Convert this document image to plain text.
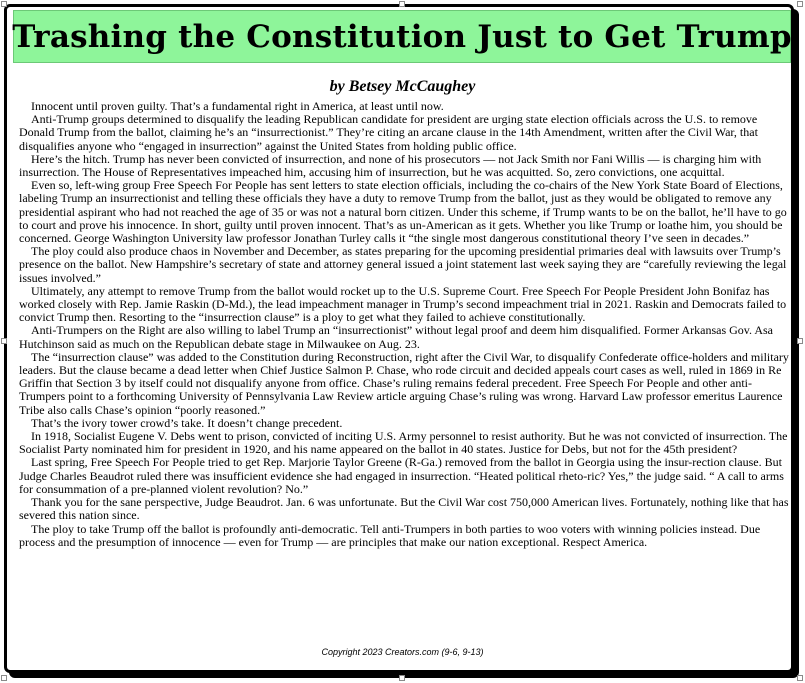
Trashing the Constitution Just to Get Trump
by Betsey McCaughey

Innocent until proven guilty. That’s a fundamental right in America, at least until now.

Anti-Trump groups determined to disqualify the leading Republican candidate for president are urging state election officials across the U.S. to remove Donald Trump from the ballot, claiming he’s an “insurrectionist.” They’re citing an arcane clause in the 14th Amendment, written after the Civil War, that disqualifies anyone who “engaged in insurrection” against the United States from holding public office.

Here’s the hitch. Trump has never been convicted of insurrection, and none of his prosecutors — not Jack Smith nor Fani Willis — is charging him with insurrection. The House of Representatives impeached him, accusing him of insurrection, but he was acquitted. So, zero convictions, one acquittal.

Even so, left-wing group Free Speech For People has sent letters to state election officials, including the co-chairs of the New York State Board of Elections, labeling Trump an insurrectionist and telling these officials they have a duty to remove Trump from the ballot, just as they would be obligated to remove any presidential aspirant who had not reached the age of 35 or was not a natural born citizen. Under this scheme, if Trump wants to be on the ballot, he’ll have to go to court and prove his innocence. In short, guilty until proven innocent. That’s as un-American as it gets. Whether you like Trump or loathe him, you should be concerned. George Washington University law professor Jonathan Turley calls it “the single most dangerous constitutional theory I’ve seen in decades.”

The ploy could also produce chaos in November and December, as states preparing for the upcoming presidential primaries deal with lawsuits over Trump’s presence on the ballot. New Hampshire’s secretary of state and attorney general issued a joint statement last week saying they are “carefully reviewing the legal issues involved.”

Ultimately, any attempt to remove Trump from the ballot would rocket up to the U.S. Supreme Court. Free Speech For People President John Bonifaz has worked closely with Rep. Jamie Raskin (D-Md.), the lead impeachment manager in Trump’s second impeachment trial in 2021. Raskin and Democrats failed to convict Trump then. Resorting to the “insurrection clause” is a ploy to get what they failed to achieve constitutionally.

Anti-Trumpers on the Right are also willing to label Trump an “insurrectionist” without legal proof and deem him disqualified. Former Arkansas Gov. Asa Hutchinson said as much on the Republican debate stage in Milwaukee on Aug. 23.

The “insurrection clause” was added to the Constitution during Reconstruction, right after the Civil War, to disqualify Confederate office-holders and military leaders. But the clause became a dead letter when Chief Justice Salmon P. Chase, who rode circuit and decided appeals court cases as well, ruled in 1869 in Re Griffin that Section 3 by itself could not disqualify anyone from office. Chase’s ruling remains federal precedent. Free Speech For People and other anti-Trumpers point to a forthcoming University of Pennsylvania Law Review article arguing Chase’s ruling was wrong. Harvard Law professor emeritus Laurence Tribe also calls Chase’s opinion “poorly reasoned.”

That’s the ivory tower crowd’s take. It doesn’t change precedent.

In 1918, Socialist Eugene V. Debs went to prison, convicted of inciting U.S. Army personnel to resist authority. But he was not convicted of insurrection. The Socialist Party nominated him for president in 1920, and his name appeared on the ballot in 40 states. Justice for Debs, but not for the 45th president?

Last spring, Free Speech For People tried to get Rep. Marjorie Taylor Greene (R-Ga.) removed from the ballot in Georgia using the insur-rection clause. But Judge Charles Beaudrot ruled there was insufficient evidence she had engaged in insurrection. “Heated political rheto-ric? Yes,” the judge said. “ A call to arms for consummation of a pre-planned violent revolution? No.”

Thank you for the sane perspective, Judge Beaudrot. Jan. 6 was unfortunate. But the Civil War cost 750,000 American lives. Fortunately, nothing like that has severed this nation since.

The ploy to take Trump off the ballot is profoundly anti-democratic. Tell anti-Trumpers in both parties to woo voters with winning policies instead. Due process and the presumption of innocence — even for Trump — are principles that make our nation exceptional. Respect America.

Copyright 2023 Creators.com (9-6, 9-13)
